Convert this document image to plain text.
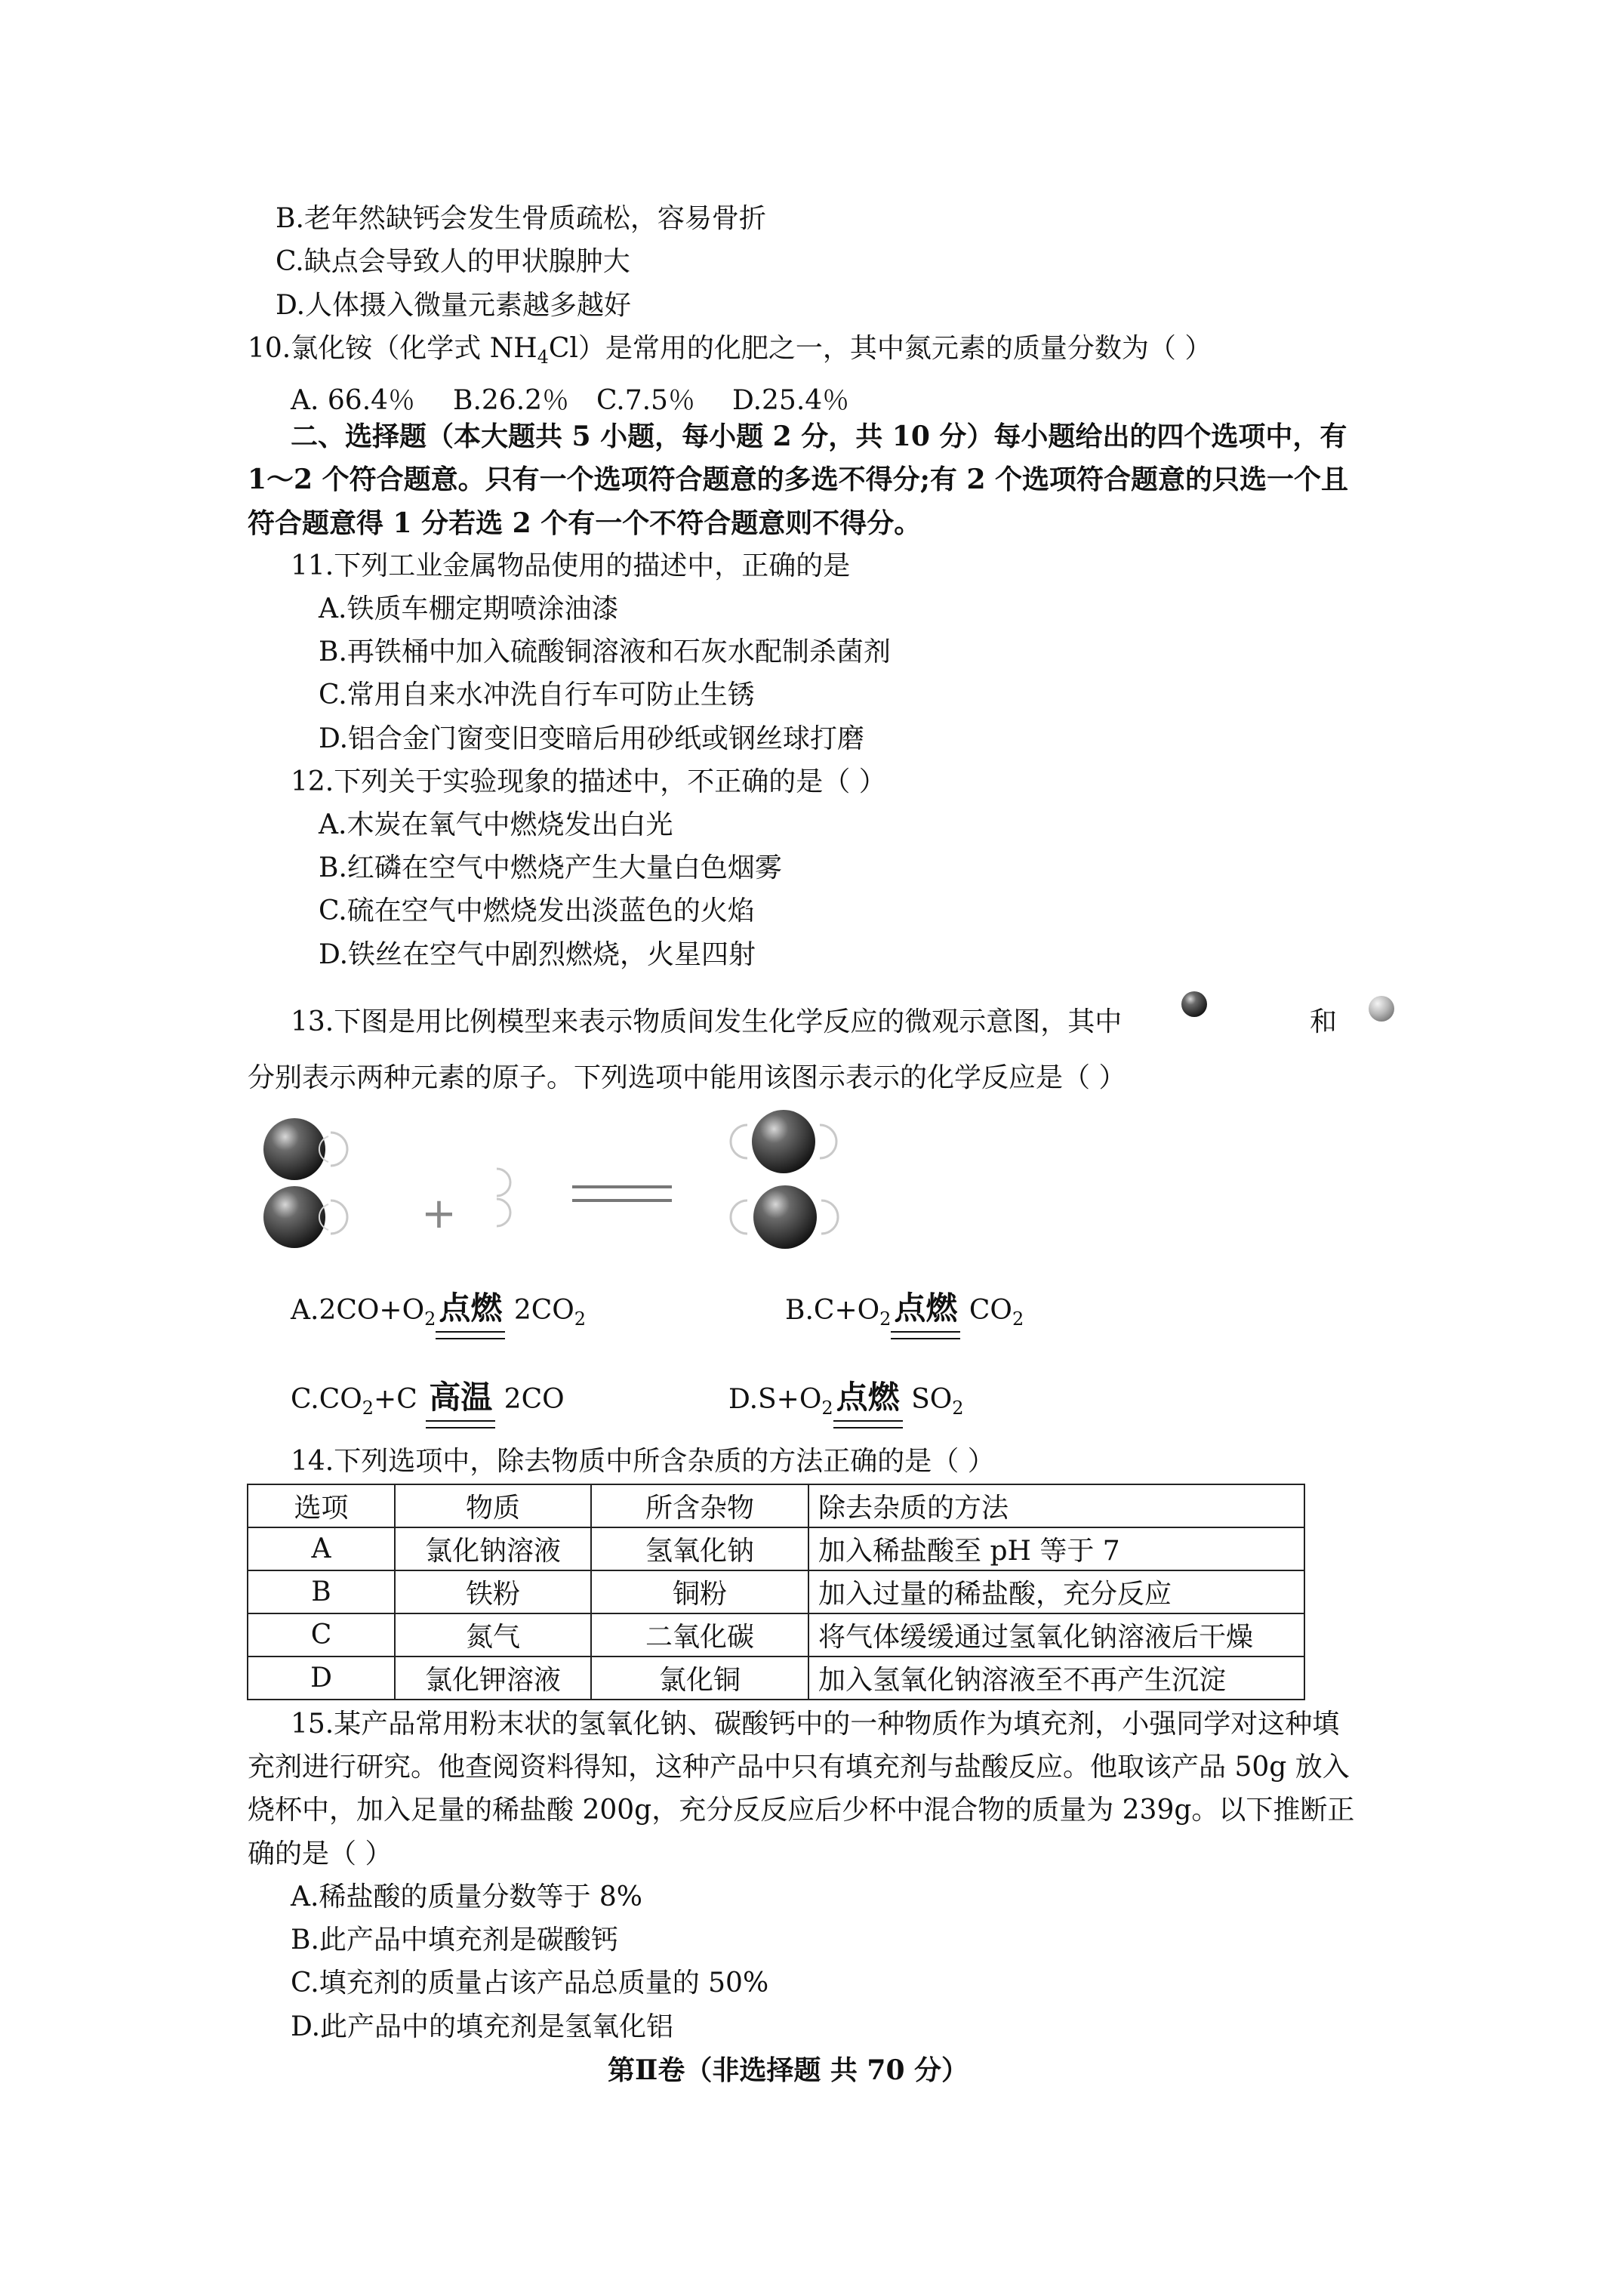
B.老年然缺钙会发生骨质疏松，容易骨折
C.缺点会导致人的甲状腺肿大
D.人体摄入微量元素越多越好
10.氯化铵（化学式 $NH_4Cl$）是常用的化肥之一，其中氮元素的质量分数为（ ）
A. 66.4％ B.26.2％ C.7.5％ D.25.4％
二、选择题（本大题共 5 小题，每小题 2 分，共 10 分）每小题给出的四个选项中，有
1～2 个符合题意。只有一个选项符合题意的多选不得分;有 2 个选项符合题意的只选一个且
符合题意得 1 分若选 2 个有一个不符合题意则不得分。
11.下列工业金属物品使用的描述中，正确的是
A.铁质车棚定期喷涂油漆
B.再铁桶中加入硫酸铜溶液和石灰水配制杀菌剂
C.常用自来水冲洗自行车可防止生锈
D.铝合金门窗变旧变暗后用砂纸或钢丝球打磨
12.下列关于实验现象的描述中，不正确的是（ ）
A.木炭在氧气中燃烧发出白光
B.红磷在空气中燃烧产生大量白色烟雾
C.硫在空气中燃烧发出淡蓝色的火焰
D.铁丝在空气中剧烈燃烧，火星四射
13.下图是用比例模型来表示物质间发生化学反应的微观示意图，其中	和
分别表示两种元素的原子。下列选项中能用该图示表示的化学反应是（ ）
+
$A.2CO+O_2$点燃 $2CO_2$	$B.C+O_2$点燃 $CO_2$
$C.CO_2+C$ 高温 2CO	$D.S+O_2$点燃 $SO_2$
14.下列选项中，除去物质中所含杂质的方法正确的是（ ）
选项	物质	所含杂物	除去杂质的方法
A	氯化钠溶液	氢氧化钠	加入稀盐酸至 pH 等于 7
B	铁粉	铜粉	加入过量的稀盐酸，充分反应
C	氮气	二氧化碳	将气体缓缓通过氢氧化钠溶液后干燥
D	氯化钾溶液	氯化铜	加入氢氧化钠溶液至不再产生沉淀
15.某产品常用粉末状的氢氧化钠、碳酸钙中的一种物质作为填充剂，小强同学对这种填
充剂进行研究。他查阅资料得知，这种产品中只有填充剂与盐酸反应。他取该产品 50g 放入
烧杯中，加入足量的稀盐酸 200g，充分反反应后少杯中混合物的质量为 239g。以下推断正
确的是（ ）
A.稀盐酸的质量分数等于 8%
B.此产品中填充剂是碳酸钙
C.填充剂的质量占该产品总质量的 50%
D.此产品中的填充剂是氢氧化铝
第Ⅱ卷（非选择题 共 70 分）
